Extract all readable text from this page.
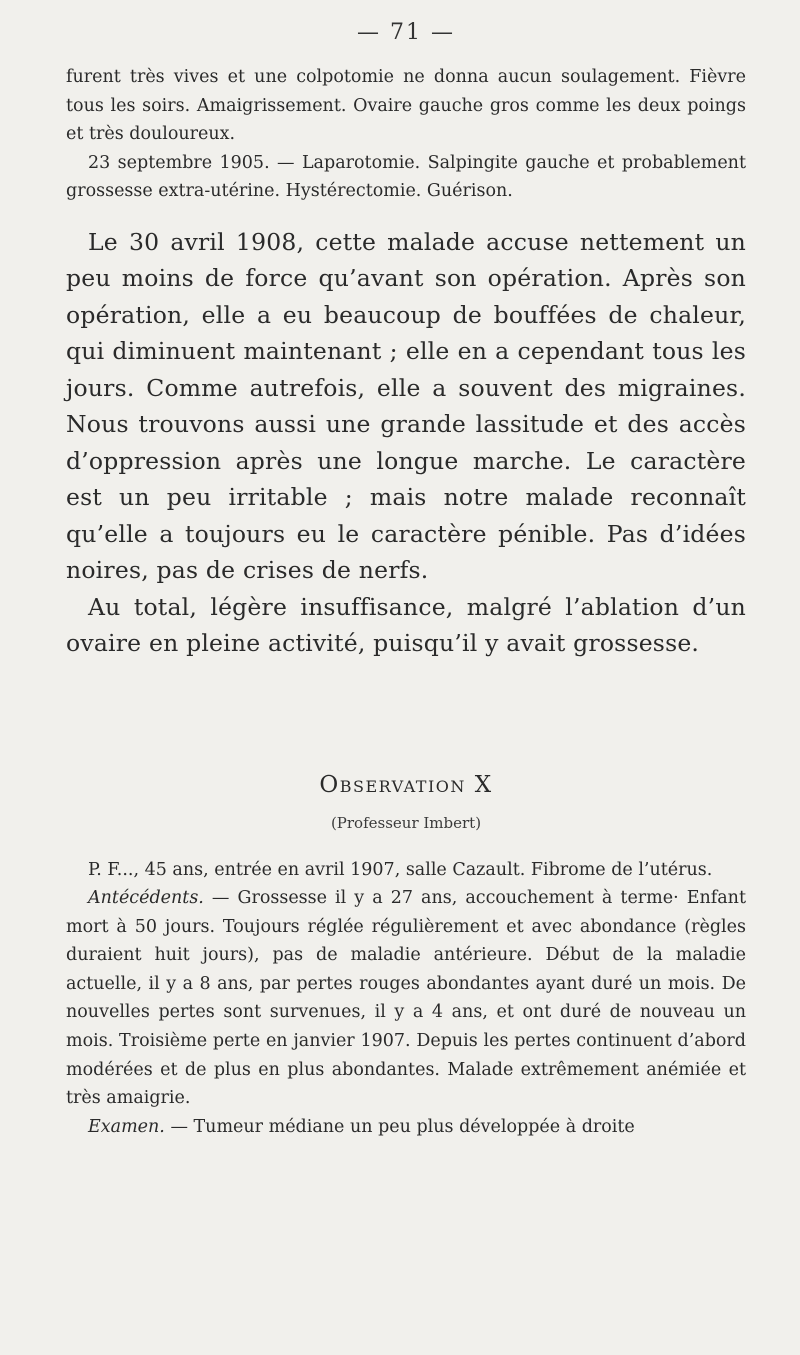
— 71 —

furent très vives et une colpotomie ne donna aucun soulagement. Fièvre tous les soirs. Amaigrissement. Ovaire gauche gros comme les deux poings et très douloureux.

23 septembre 1905. — Laparotomie. Salpingite gauche et probablement grossesse extra-utérine. Hystérectomie. Guérison.

Le 30 avril 1908, cette malade accuse nettement un peu moins de force qu’avant son opération. Après son opération, elle a eu beaucoup de bouffées de chaleur, qui diminuent maintenant ; elle en a cependant tous les jours. Comme autrefois, elle a souvent des migraines. Nous trouvons aussi une grande lassitude et des accès d’oppression après une longue marche. Le caractère est un peu irritable ; mais notre malade reconnaît qu’elle a toujours eu le caractère pénible. Pas d’idées noires, pas de crises de nerfs.

Au total, légère insuffisance, malgré l’ablation d’un ovaire en pleine activité, puisqu’il y avait grossesse.

Observation X
(Professeur Imbert)

P. F..., 45 ans, entrée en avril 1907, salle Cazault. Fibrome de l’utérus.

Antécédents. — Grossesse il y a 27 ans, accouchement à terme· Enfant mort à 50 jours. Toujours réglée régulièrement et avec abondance (règles duraient huit jours), pas de maladie antérieure. Début de la maladie actuelle, il y a 8 ans, par pertes rouges abondantes ayant duré un mois. De nouvelles pertes sont survenues, il y a 4 ans, et ont duré de nouveau un mois. Troisième perte en janvier 1907. Depuis les pertes continuent d’abord modérées et de plus en plus abondantes. Malade extrêmement anémiée et très amaigrie.

Examen. — Tumeur médiane un peu plus développée à droite
